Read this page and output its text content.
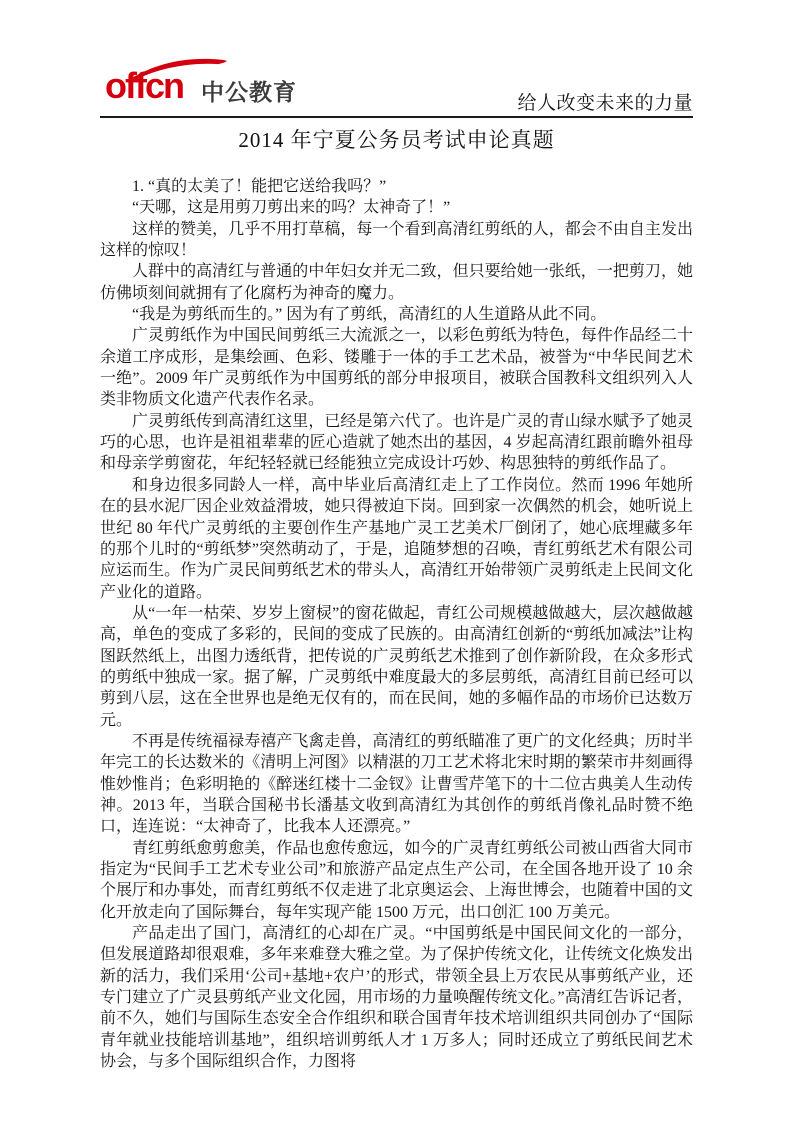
offcn 中公教育	给人改变未来的力量
2014 年宁夏公务员考试申论真题

1. “真的太美了！能把它送给我吗？”

“天哪，这是用剪刀剪出来的吗？太神奇了！”

这样的赞美，几乎不用打草稿，每一个看到高清红剪纸的人，都会不由自主发出这样的惊叹！

人群中的高清红与普通的中年妇女并无二致，但只要给她一张纸，一把剪刀，她仿佛顷刻间就拥有了化腐朽为神奇的魔力。

“我是为剪纸而生的。” 因为有了剪纸，高清红的人生道路从此不同。

广灵剪纸作为中国民间剪纸三大流派之一，以彩色剪纸为特色，每件作品经二十余道工序成形，是集绘画、色彩、镂雕于一体的手工艺术品，被誉为“中华民间艺术一绝”。2009 年广灵剪纸作为中国剪纸的部分申报项目，被联合国教科文组织列入人类非物质文化遗产代表作名录。

广灵剪纸传到高清红这里，已经是第六代了。也许是广灵的青山绿水赋予了她灵巧的心思，也许是祖祖辈辈的匠心造就了她杰出的基因，4 岁起高清红跟前瞻外祖母和母亲学剪窗花，年纪轻轻就已经能独立完成设计巧妙、构思独特的剪纸作品了。

和身边很多同龄人一样，高中毕业后高清红走上了工作岗位。然而 1996 年她所在的县水泥厂因企业效益滑坡，她只得被迫下岗。回到家一次偶然的机会，她听说上世纪 80 年代广灵剪纸的主要创作生产基地广灵工艺美术厂倒闭了，她心底埋藏多年的那个儿时的“剪纸梦”突然萌动了，于是，追随梦想的召唤，青红剪纸艺术有限公司应运而生。作为广灵民间剪纸艺术的带头人，高清红开始带领广灵剪纸走上民间文化产业化的道路。

从“一年一枯荣、岁岁上窗棂”的窗花做起，青红公司规模越做越大，层次越做越高，单色的变成了多彩的，民间的变成了民族的。由高清红创新的“剪纸加减法”让构图跃然纸上，出图力透纸背，把传说的广灵剪纸艺术推到了创作新阶段，在众多形式的剪纸中独成一家。据了解，广灵剪纸中难度最大的多层剪纸，高清红目前已经可以剪到八层，这在全世界也是绝无仅有的，而在民间，她的多幅作品的市场价已达数万元。

不再是传统福禄寿禧产飞禽走兽，高清红的剪纸瞄准了更广的文化经典；历时半年完工的长达数米的《清明上河图》以精湛的刀工艺术将北宋时期的繁荣市井刻画得惟妙惟肖；色彩明艳的《醉迷红楼十二金钗》让曹雪芹笔下的十二位古典美人生动传神。2013 年，当联合国秘书长潘基文收到高清红为其创作的剪纸肖像礼品时赞不绝口，连连说：“太神奇了，比我本人还漂亮。”

青红剪纸愈剪愈美，作品也愈传愈远，如今的广灵青红剪纸公司被山西省大同市指定为“民间手工艺术专业公司”和旅游产品定点生产公司，在全国各地开设了 10 余个展厅和办事处，而青红剪纸不仅走进了北京奥运会、上海世博会，也随着中国的文化开放走向了国际舞台，每年实现产能 1500 万元，出口创汇 100 万美元。

产品走出了国门，高清红的心却在广灵。“中国剪纸是中国民间文化的一部分，但发展道路却很艰难，多年来难登大雅之堂。为了保护传统文化，让传统文化焕发出新的活力，我们采用‘公司+基地+农户’的形式，带领全县上万农民从事剪纸产业，还专门建立了广灵县剪纸产业文化园，用市场的力量唤醒传统文化。”高清红告诉记者，前不久，她们与国际生态安全合作组织和联合国青年技术培训组织共同创办了“国际青年就业技能培训基地”，组织培训剪纸人才 1 万多人；同时还成立了剪纸民间艺术协会，与多个国际组织合作，力图将
